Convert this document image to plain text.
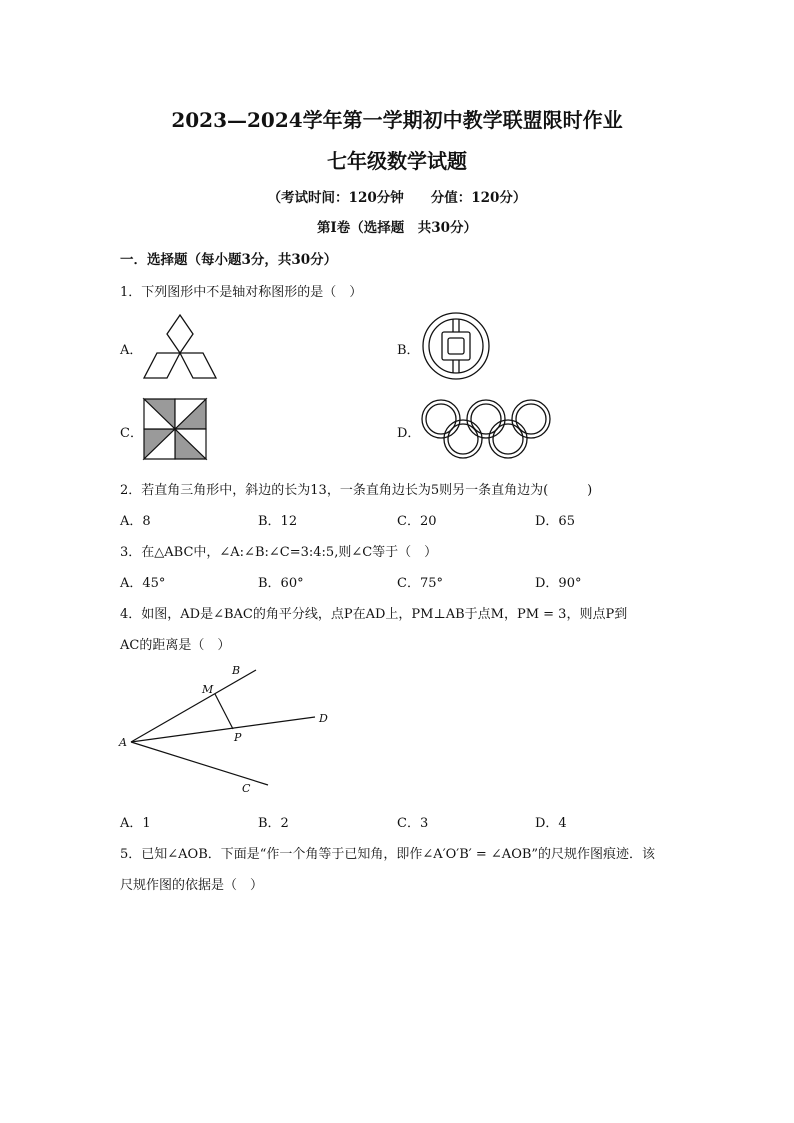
2023—2024学年第一学期初中教学联盟限时作业
七年级数学试题
（考试时间：120分钟　　分值：120分）
第Ⅰ卷（选择题　共30分）
一．选择题（每小题3分，共30分）
1．下列图形中不是轴对称图形的是（　）
A．	B．
C．	D．
2．若直角三角形中，斜边的长为13，一条直角边长为5则另一条直角边为(　　　)
A．8	B．12	C．20	D．65
3．在△ABC中，∠A:∠B:∠C=3:4:5,则∠C等于（　）
A．45°	B．60°	C．75°	D．90°
4．如图，AD是∠BAC的角平分线，点P在AD上，PM⊥AB于点M，PM = 3，则点P到
AC的距离是（　）
A
B
M
P
D
C
A．1	B．2	C．3	D．4
5．已知∠AOB．下面是“作一个角等于已知角，即作∠A′O′B′ = ∠AOB”的尺规作图痕迹．该
尺规作图的依据是（　）
